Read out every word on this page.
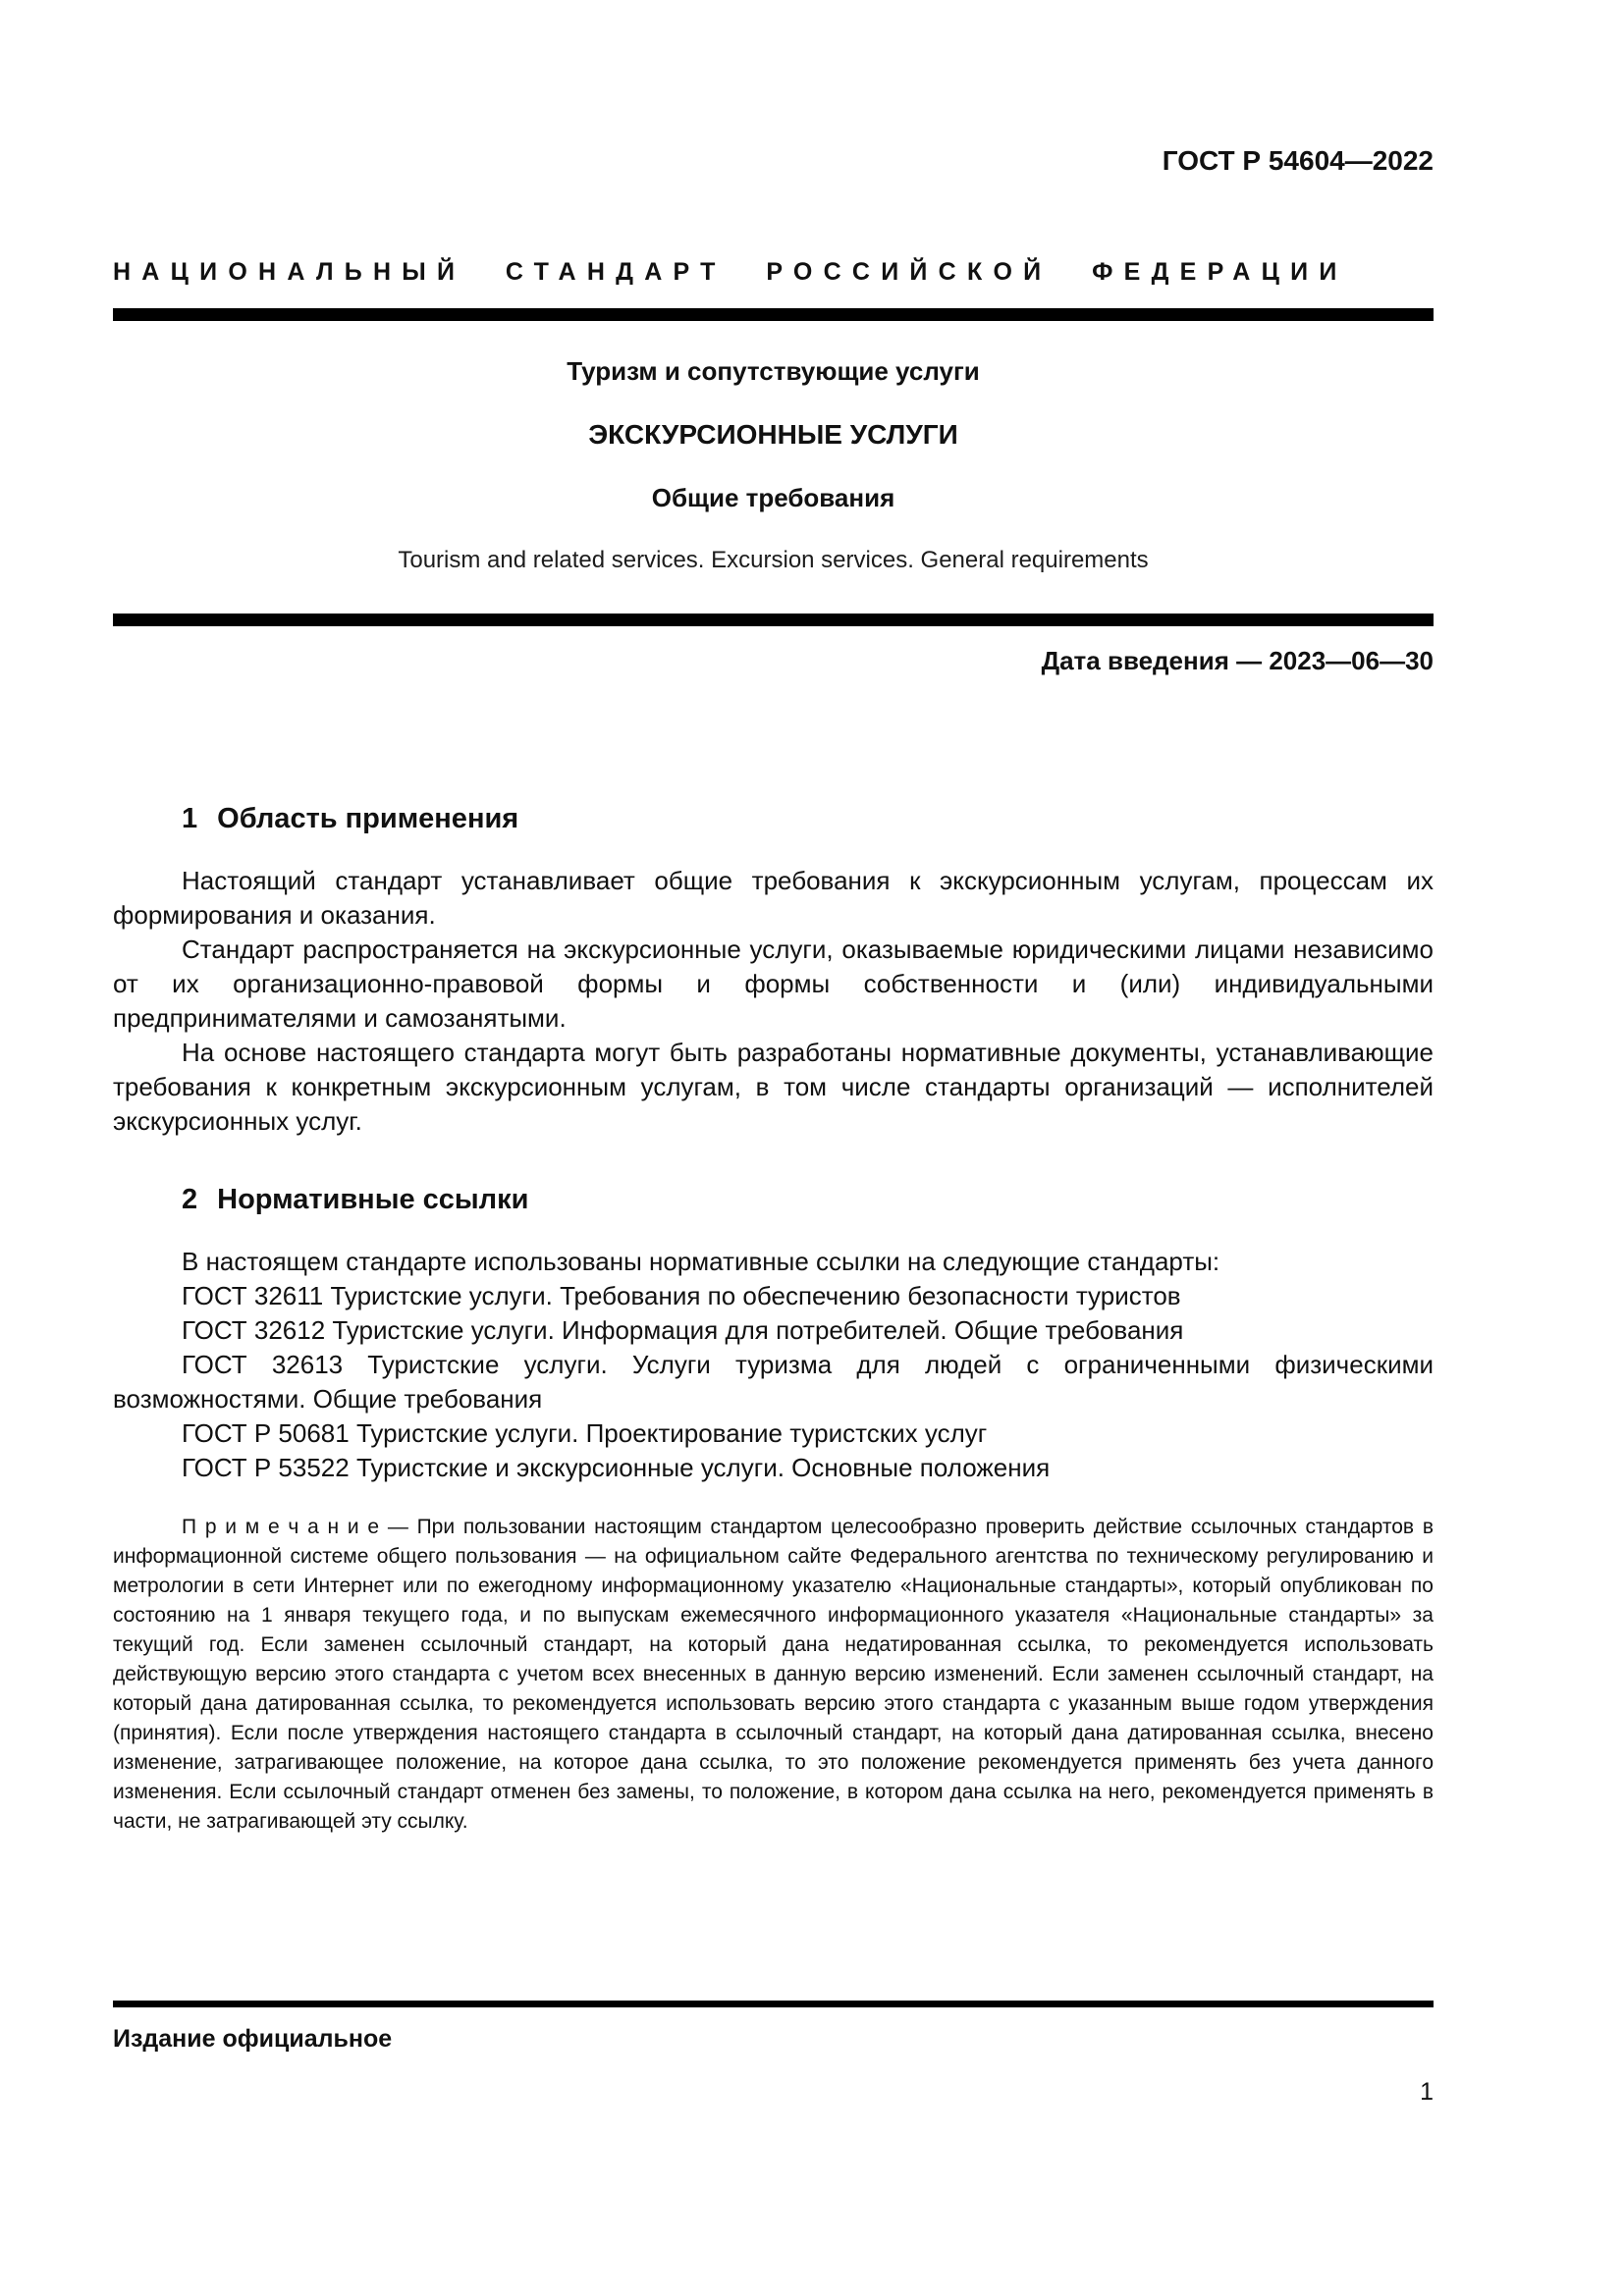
ГОСТ Р 54604—2022
НАЦИОНАЛЬНЫЙ СТАНДАРТ РОССИЙСКОЙ ФЕДЕРАЦИИ
Туризм и сопутствующие услуги
ЭКСКУРСИОННЫЕ УСЛУГИ
Общие требования
Tourism and related services. Excursion services. General requirements
Дата введения — 2023—06—30
1 Область применения

Настоящий стандарт устанавливает общие требования к экскурсионным услугам, процессам их формирования и оказания.

Стандарт распространяется на экскурсионные услуги, оказываемые юридическими лицами независимо от их организационно-правовой формы и формы собственности и (или) индивидуальными предпринимателями и самозанятыми.

На основе настоящего стандарта могут быть разработаны нормативные документы, устанавливающие требования к конкретным экскурсионным услугам, в том числе стандарты организаций — исполнителей экскурсионных услуг.

2 Нормативные ссылки

В настоящем стандарте использованы нормативные ссылки на следующие стандарты:

ГОСТ 32611 Туристские услуги. Требования по обеспечению безопасности туристов

ГОСТ 32612 Туристские услуги. Информация для потребителей. Общие требования

ГОСТ 32613 Туристские услуги. Услуги туризма для людей с ограниченными физическими возможностями. Общие требования

ГОСТ Р 50681 Туристские услуги. Проектирование туристских услуг

ГОСТ Р 53522 Туристские и экскурсионные услуги. Основные положения

П р и м е ч а н и е — При пользовании настоящим стандартом целесообразно проверить действие ссылочных стандартов в информационной системе общего пользования — на официальном сайте Федерального агентства по техническому регулированию и метрологии в сети Интернет или по ежегодному информационному указателю «Национальные стандарты», который опубликован по состоянию на 1 января текущего года, и по выпускам ежемесячного информационного указателя «Национальные стандарты» за текущий год. Если заменен ссылочный стандарт, на который дана недатированная ссылка, то рекомендуется использовать действующую версию этого стандарта с учетом всех внесенных в данную версию изменений. Если заменен ссылочный стандарт, на который дана датированная ссылка, то рекомендуется использовать версию этого стандарта с указанным выше годом утверждения (принятия). Если после утверждения настоящего стандарта в ссылочный стандарт, на который дана датированная ссылка, внесено изменение, затрагивающее положение, на которое дана ссылка, то это положение рекомендуется применять без учета данного изменения. Если ссылочный стандарт отменен без замены, то положение, в котором дана ссылка на него, рекомендуется применять в части, не затрагивающей эту ссылку.

Издание официальное
1
